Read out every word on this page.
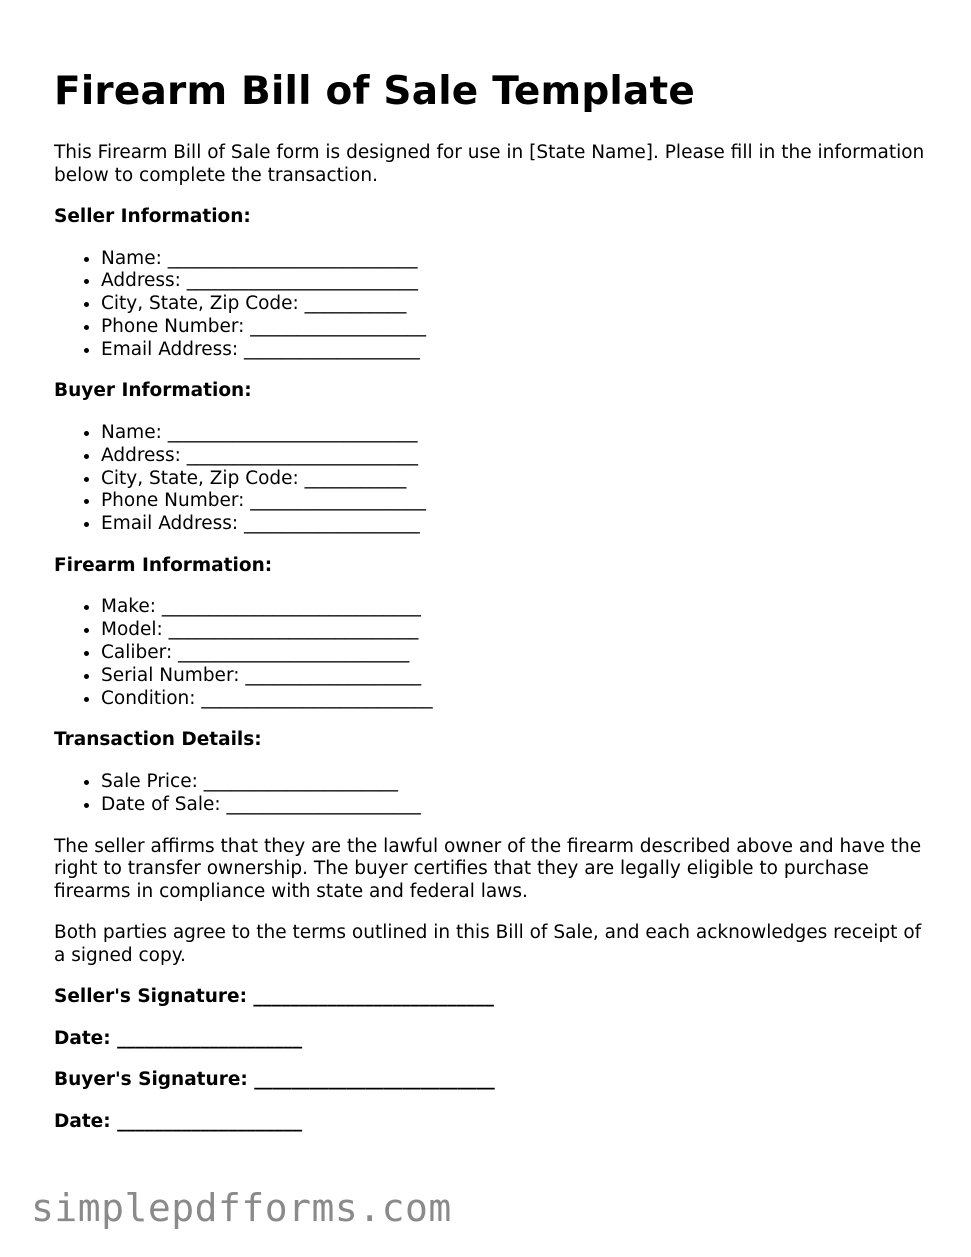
Firearm Bill of Sale Template

This Firearm Bill of Sale form is designed for use in [State Name]. Please fill in the information below to complete the transaction.

Seller Information:
• Name: ___________________________
• Address: _________________________
• City, State, Zip Code: ___________
• Phone Number: ___________________
• Email Address: ___________________
Buyer Information:
• Name: ___________________________
• Address: _________________________
• City, State, Zip Code: ___________
• Phone Number: ___________________
• Email Address: ___________________
Firearm Information:
• Make: ____________________________
• Model: ___________________________
• Caliber: _________________________
• Serial Number: ___________________
• Condition: _________________________
Transaction Details:
• Sale Price: _____________________
• Date of Sale: _____________________

The seller affirms that they are the lawful owner of the firearm described above and have the right to transfer ownership. The buyer certifies that they are legally eligible to purchase firearms in compliance with state and federal laws.

Both parties agree to the terms outlined in this Bill of Sale, and each acknowledges receipt of a signed copy.

Seller's Signature: __________________________
Date: ____________________
Buyer's Signature: __________________________
Date: ____________________
simplepdfforms.com
